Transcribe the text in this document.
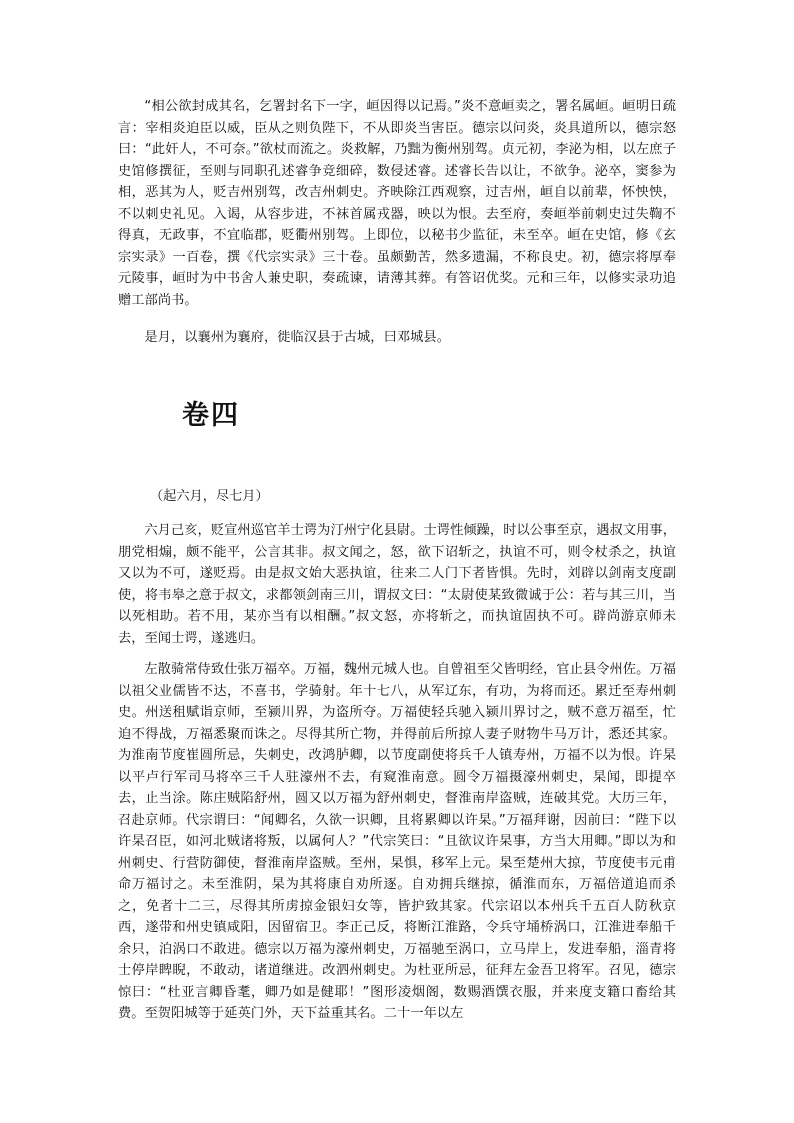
“相公欲封成其名，乞署封名下一字，峘因得以记焉。”炎不意峘卖之，署名属峘。峘明日疏言：宰相炎迫臣以威，臣从之则负陛下，不从即炎当害臣。德宗以问炎，炎具道所以，德宗怒曰：“此奸人，不可奈。”欲杖而流之。炎救解，乃黜为衡州别驾。贞元初，李泌为相，以左庶子史馆修撰征，至则与同职孔述睿争竞细碎，数侵述睿。述睿长告以让，不欲争。泌卒，窦参为相，恶其为人，贬吉州别驾，改吉州刺史。齐映除江西观察，过吉州，峘自以前辈，怀怏怏，不以刺史礼见。入谒，从容步进，不袜首属戎器，映以为恨。去至府，奏峘举前刺史过失鞫不得真，无政事，不宜临郡，贬衢州别驾。上即位，以秘书少监征，未至卒。峘在史馆，修《玄宗实录》一百卷，撰《代宗实录》三十卷。虽颇勤苦，然多遗漏，不称良史。初，德宗将厚奉元陵事，峘时为中书舍人兼史职，奏疏谏，请薄其葬。有答诏优奖。元和三年，以修实录功追赠工部尚书。

是月，以襄州为襄府，徙临汉县于古城，曰邓城县。

卷四

（起六月，尽七月）

六月己亥，贬宣州巡官羊士谔为汀州宁化县尉。士谔性倾躁，时以公事至京，遇叔文用事，朋党相煽，颇不能平，公言其非。叔文闻之，怒，欲下诏斩之，执谊不可，则令杖杀之，执谊又以为不可，遂贬焉。由是叔文始大恶执谊，往来二人门下者皆惧。先时，刘辟以剑南支度副使，将韦皋之意于叔文，求都领剑南三川，谓叔文曰：“太尉使某致微诚于公：若与其三川，当以死相助。若不用，某亦当有以相酬。”叔文怒，亦将斩之，而执谊固执不可。辟尚游京师未去，至闻士谔，遂逃归。

左散骑常侍致仕张万福卒。万福，魏州元城人也。自曾祖至父皆明经，官止县令州佐。万福以祖父业儒皆不达，不喜书，学骑射。年十七八，从军辽东，有功，为将而还。累迁至寿州刺史。州送租赋诣京师，至颍川界，为盗所夺。万福使轻兵驰入颍川界讨之，贼不意万福至，忙迫不得战，万福悉聚而诛之。尽得其所亡物，并得前后所掠人妻子财物牛马万计，悉还其家。为淮南节度崔圆所忌，失刺史，改鸿胪卿，以节度副使将兵千人镇寿州，万福不以为恨。许杲以平卢行军司马将卒三千人驻濠州不去，有窥淮南意。圆令万福摄濠州刺史，杲闻，即提卒去，止当涂。陈庄贼陷舒州，圆又以万福为舒州刺史，督淮南岸盗贼，连破其党。大历三年，召赴京师。代宗谓曰：“闻卿名，久欲一识卿，且将累卿以许杲。”万福拜谢，因前曰：“陛下以许杲召臣，如河北贼诸将叛，以属何人？”代宗笑曰：“且欲议许杲事，方当大用卿。”即以为和州刺史、行营防御使，督淮南岸盗贼。至州，杲惧，移军上元。杲至楚州大掠，节度使韦元甫命万福讨之。未至淮阴，杲为其将康自劝所逐。自劝拥兵继掠，循淮而东，万福倍道追而杀之，免者十二三，尽得其所虏掠金银妇女等，皆护致其家。代宗诏以本州兵千五百人防秋京西，遂带和州史镇咸阳，因留宿卫。李正己反，将断江淮路，令兵守埇桥涡口，江淮进奉船千余只，泊涡口不敢进。德宗以万福为濠州刺史，万福驰至涡口，立马岸上，发进奉船，淄青将士停岸睥睨，不敢动，诸道继进。改泗州刺史。为杜亚所忌，征拜左金吾卫将军。召见，德宗惊曰：“杜亚言卿昏耄，卿乃如是健耶！”图形凌烟阁，数赐酒馔衣服，并来度支籍口畜给其费。至贺阳城等于延英门外，天下益重其名。二十一年以左
